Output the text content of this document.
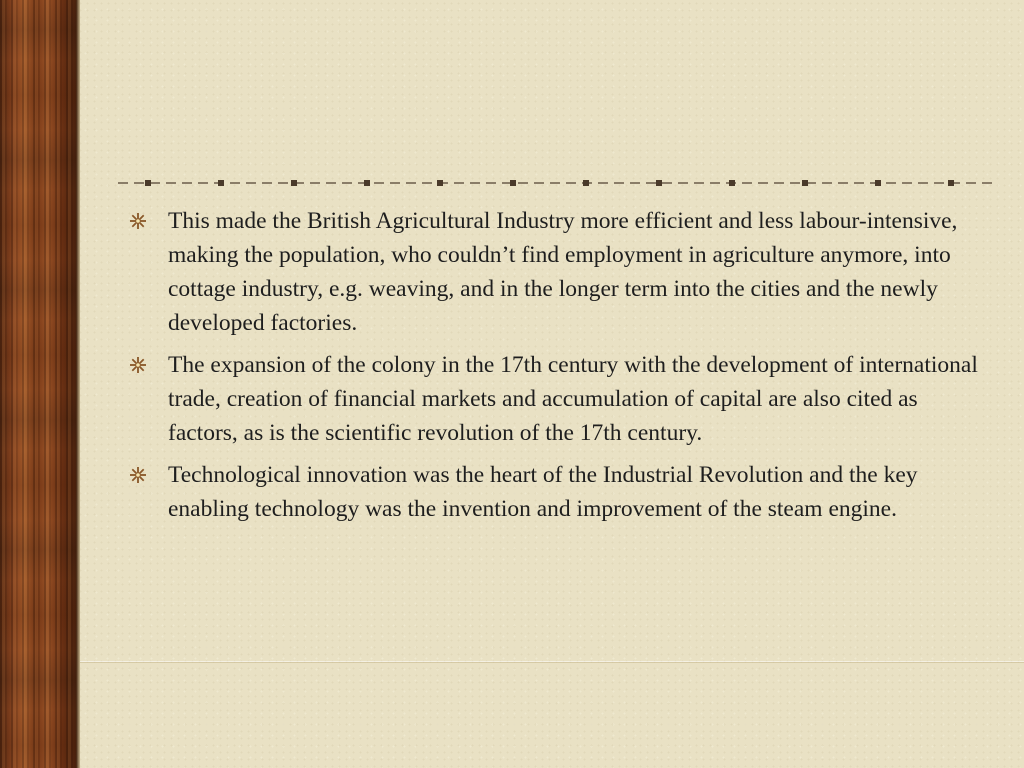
This made the British Agricultural Industry more efficient and less labour-intensive, making the population, who couldn’t find employment in agriculture anymore, into cottage industry, e.g. weaving, and in the longer term into the cities and the newly developed factories.
The expansion of the colony in the 17th century with the development of international trade, creation of financial markets and accumulation of capital are also cited as factors, as is the scientific revolution of the 17th century.
Technological innovation was the heart of the Industrial Revolution and the key enabling technology was the invention and improvement of the steam engine.
